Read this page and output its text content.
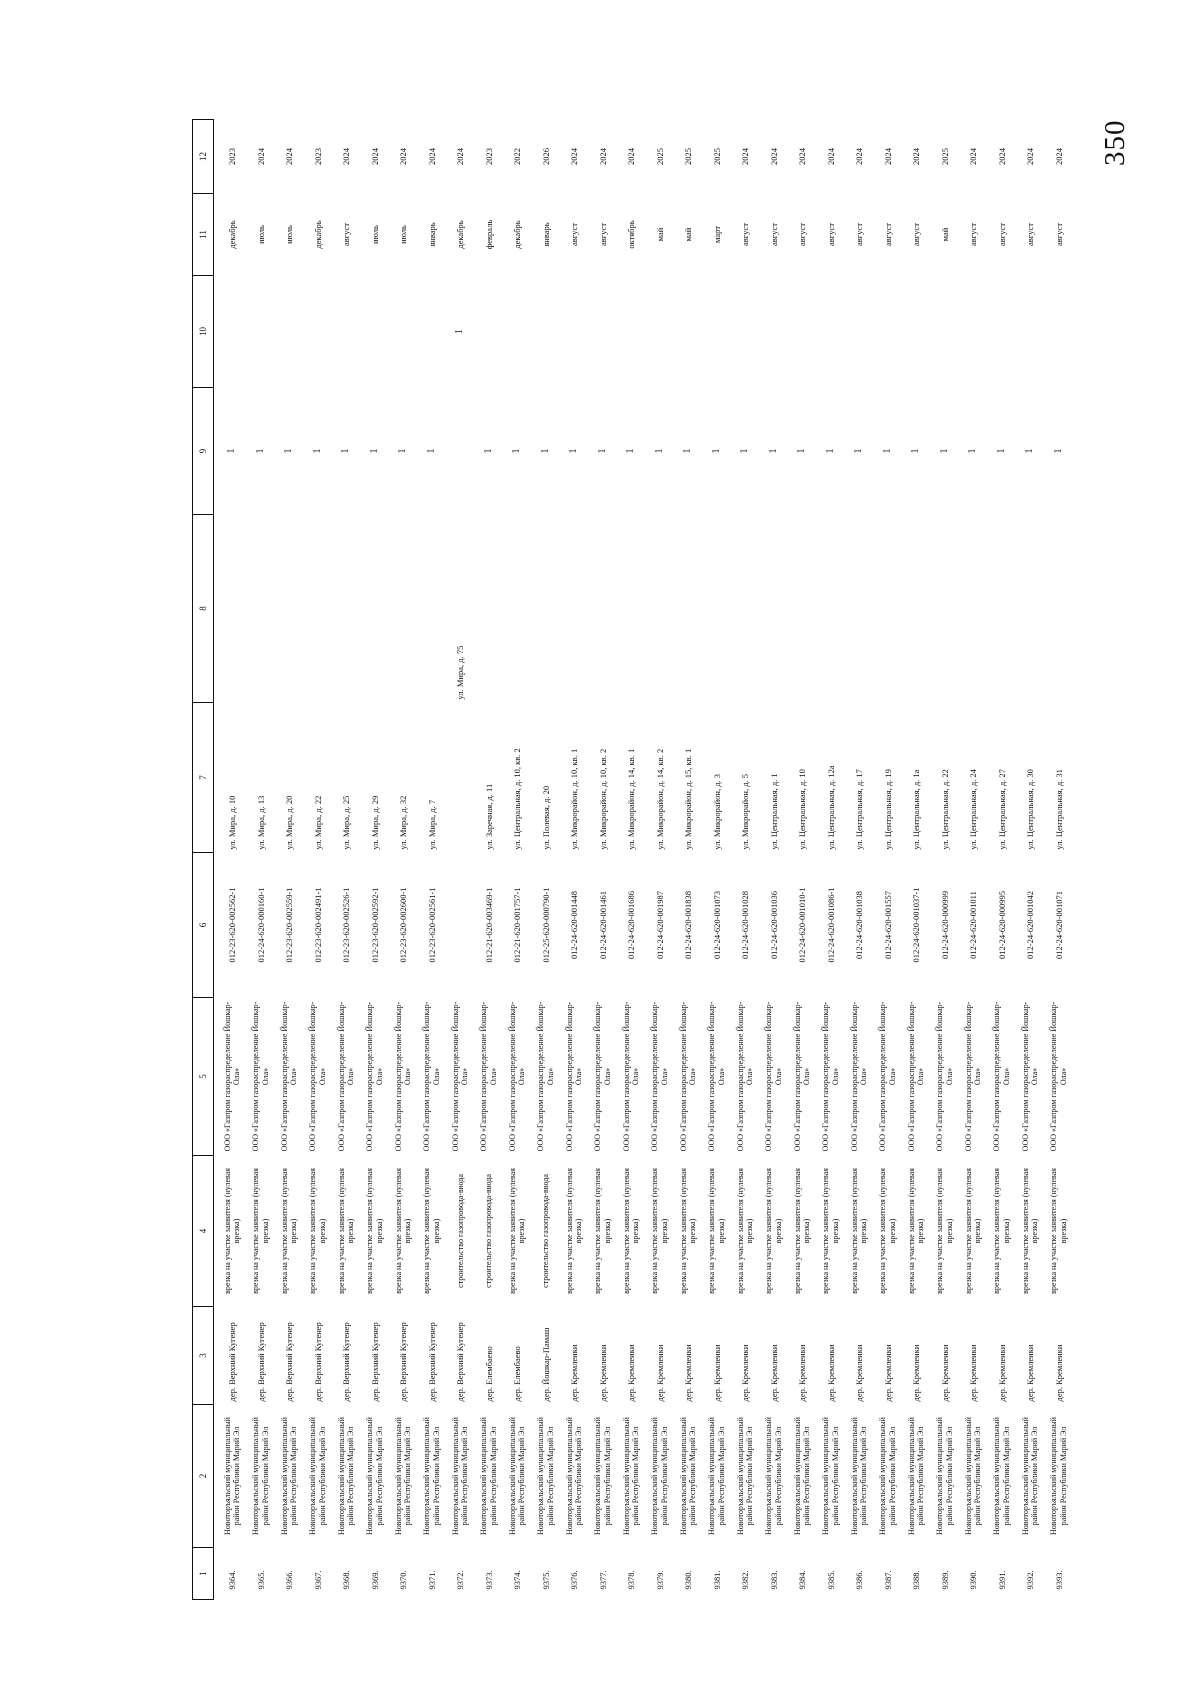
350
1	2	3	4	5	6	7	8	9	10	11	12
9364.	Новоторъяльский муниципальный район Республики Марий Эл	дер. Верхний Кугенер	врезка на участке заявителя (нулевая врезка)	ООО «Газпром газораспределение Йошкар-Ола»	012-23-620-002562-1	ул. Мира, д. 10		1		декабрь	2023
9365.	Новоторъяльский муниципальный район Республики Марий Эл	дер. Верхний Кугенер	врезка на участке заявителя (нулевая врезка)	ООО «Газпром газораспределение Йошкар-Ола»	012-24-620-000160-1	ул. Мира, д. 13		1		июль	2024
9366.	Новоторъяльский муниципальный район Республики Марий Эл	дер. Верхний Кугенер	врезка на участке заявителя (нулевая врезка)	ООО «Газпром газораспределение Йошкар-Ола»	012-23-620-002559-1	ул. Мира, д. 20		1		июль	2024
9367.	Новоторъяльский муниципальный район Республики Марий Эл	дер. Верхний Кугенер	врезка на участке заявителя (нулевая врезка)	ООО «Газпром газораспределение Йошкар-Ола»	012-23-620-002491-1	ул. Мира, д. 22		1		декабрь	2023
9368.	Новоторъяльский муниципальный район Республики Марий Эл	дер. Верхний Кугенер	врезка на участке заявителя (нулевая врезка)	ООО «Газпром газораспределение Йошкар-Ола»	012-23-620-002526-1	ул. Мира, д. 25		1		август	2024
9369.	Новоторъяльский муниципальный район Республики Марий Эл	дер. Верхний Кугенер	врезка на участке заявителя (нулевая врезка)	ООО «Газпром газораспределение Йошкар-Ола»	012-23-620-002592-1	ул. Мира, д. 29		1		июль	2024
9370.	Новоторъяльский муниципальный район Республики Марий Эл	дер. Верхний Кугенер	врезка на участке заявителя (нулевая врезка)	ООО «Газпром газораспределение Йошкар-Ола»	012-23-620-002600-1	ул. Мира, д. 32		1		июль	2024
9371.	Новоторъяльский муниципальный район Республики Марий Эл	дер. Верхний Кугенер	врезка на участке заявителя (нулевая врезка)	ООО «Газпром газораспределение Йошкар-Ола»	012-23-620-002561-1	ул. Мира, д. 7		1		январь	2024
9372.	Новоторъяльский муниципальный район Республики Марий Эл	дер. Верхний Кугенер	строительство газопровода-ввода	ООО «Газпром газораспределение Йошкар-Ола»			ул. Мира, д. 75		1	декабрь	2024
9373.	Новоторъяльский муниципальный район Республики Марий Эл	дер. Елембаево	строительство газопровода-ввода	ООО «Газпром газораспределение Йошкар-Ола»	012-21-620-003469-1	ул. Заречная, д. 11		1		февраль	2023
9374.	Новоторъяльский муниципальный район Республики Марий Эл	дер. Елембаево	врезка на участке заявителя (нулевая врезка)	ООО «Газпром газораспределение Йошкар-Ола»	012-21-620-001757-1	ул. Центральная, д. 10, кв. 2		1		декабрь	2022
9375.	Новоторъяльский муниципальный район Республики Марий Эл	дер. Йошкар-Памаш	строительство газопровода-ввода	ООО «Газпром газораспределение Йошкар-Ола»	012-25-620-000790-1	ул. Полевая, д. 20		1		январь	2026
9376.	Новоторъяльский муниципальный район Республики Марий Эл	дер. Кремлеики	врезка на участке заявителя (нулевая врезка)	ООО «Газпром газораспределение Йошкар-Ола»	012-24-620-001448	ул. Микрорайон, д. 10, кв. 1		1		август	2024
9377.	Новоторъяльский муниципальный район Республики Марий Эл	дер. Кремлеики	врезка на участке заявителя (нулевая врезка)	ООО «Газпром газораспределение Йошкар-Ола»	012-24-620-001461	ул. Микрорайон, д. 10, кв. 2		1		август	2024
9378.	Новоторъяльский муниципальный район Республики Марий Эл	дер. Кремлеики	врезка на участке заявителя (нулевая врезка)	ООО «Газпром газораспределение Йошкар-Ола»	012-24-620-001686	ул. Микрорайон, д. 14, кв. 1		1		октябрь	2024
9379.	Новоторъяльский муниципальный район Республики Марий Эл	дер. Кремлеики	врезка на участке заявителя (нулевая врезка)	ООО «Газпром газораспределение Йошкар-Ола»	012-24-620-001987	ул. Микрорайон, д. 14, кв. 2		1		май	2025
9380.	Новоторъяльский муниципальный район Республики Марий Эл	дер. Кремлеики	врезка на участке заявителя (нулевая врезка)	ООО «Газпром газораспределение Йошкар-Ола»	012-24-620-001838	ул. Микрорайон, д. 15, кв. 1		1		май	2025
9381.	Новоторъяльский муниципальный район Республики Марий Эл	дер. Кремлеики	врезка на участке заявителя (нулевая врезка)	ООО «Газпром газораспределение Йошкар-Ола»	012-24-620-001073	ул. Микрорайон, д. 3		1		март	2025
9382.	Новоторъяльский муниципальный район Республики Марий Эл	дер. Кремлеики	врезка на участке заявителя (нулевая врезка)	ООО «Газпром газораспределение Йошкар-Ола»	012-24-620-001028	ул. Микрорайон, д. 5		1		август	2024
9383.	Новоторъяльский муниципальный район Республики Марий Эл	дер. Кремлеики	врезка на участке заявителя (нулевая врезка)	ООО «Газпром газораспределение Йошкар-Ола»	012-24-620-001036	ул. Центральная, д. 1		1		август	2024
9384.	Новоторъяльский муниципальный район Республики Марий Эл	дер. Кремлеики	врезка на участке заявителя (нулевая врезка)	ООО «Газпром газораспределение Йошкар-Ола»	012-24-620-001010-1	ул. Центральная, д. 10		1		август	2024
9385.	Новоторъяльский муниципальный район Республики Марий Эл	дер. Кремлеики	врезка на участке заявителя (нулевая врезка)	ООО «Газпром газораспределение Йошкар-Ола»	012-24-620-001086-1	ул. Центральная, д. 12а		1		август	2024
9386.	Новоторъяльский муниципальный район Республики Марий Эл	дер. Кремлеики	врезка на участке заявителя (нулевая врезка)	ООО «Газпром газораспределение Йошкар-Ола»	012-24-620-001038	ул. Центральная, д. 17		1		август	2024
9387.	Новоторъяльский муниципальный район Республики Марий Эл	дер. Кремлеики	врезка на участке заявителя (нулевая врезка)	ООО «Газпром газораспределение Йошкар-Ола»	012-24-620-001557	ул. Центральная, д. 19		1		август	2024
9388.	Новоторъяльский муниципальный район Республики Марий Эл	дер. Кремлеики	врезка на участке заявителя (нулевая врезка)	ООО «Газпром газораспределение Йошкар-Ола»	012-24-620-001037-1	ул. Центральная, д. 1а		1		август	2024
9389.	Новоторъяльский муниципальный район Республики Марий Эл	дер. Кремлеики	врезка на участке заявителя (нулевая врезка)	ООО «Газпром газораспределение Йошкар-Ола»	012-24-620-000999	ул. Центральная, д. 22		1		май	2025
9390.	Новоторъяльский муниципальный район Республики Марий Эл	дер. Кремлеики	врезка на участке заявителя (нулевая врезка)	ООО «Газпром газораспределение Йошкар-Ола»	012-24-620-001011	ул. Центральная, д. 24		1		август	2024
9391.	Новоторъяльский муниципальный район Республики Марий Эл	дер. Кремлеики	врезка на участке заявителя (нулевая врезка)	ООО «Газпром газораспределение Йошкар-Ола»	012-24-620-000995	ул. Центральная, д. 27		1		август	2024
9392.	Новоторъяльский муниципальный район Республики Марий Эл	дер. Кремлеики	врезка на участке заявителя (нулевая врезка)	ООО «Газпром газораспределение Йошкар-Ола»	012-24-620-001042	ул. Центральная, д. 30		1		август	2024
9393.	Новоторъяльский муниципальный район Республики Марий Эл	дер. Кремлеики	врезка на участке заявителя (нулевая врезка)	ООО «Газпром газораспределение Йошкар-Ола»	012-24-620-001071	ул. Центральная, д. 31		1		август	2024
